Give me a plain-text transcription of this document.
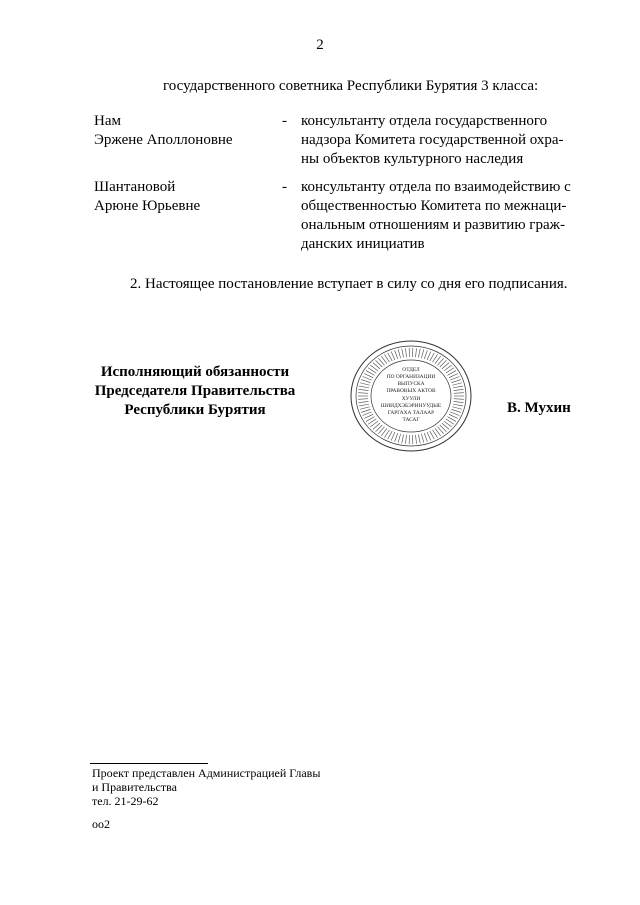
2
государственного советника Республики Бурятия 3 класса:
Нам
Эржене Аполлоновне
- консультанту отдела государственного
надзора Комитета государственной охра-
ны объектов культурного наследия
Шантановой
Арюне Юрьевне
- консультанту отдела по взаимодействию с
общественностью Комитета по межнаци-
ональным отношениям и развитию граж-
данских инициатив
2. Настоящее постановление вступает в силу со дня его подписания.
Исполняющий обязанности
Председателя Правительства
Республики Бурятия
ОТДЕЛ
ПО ОРГАНИЗАЦИИ
ВЫПУСКА
ПРАВОВЫХ АКТОВ
ХУУЛИ
ШИИДХЭБЭРИНУУДЫЕ
ГАРГАХА ТАЛААР
ТАСАГ
В. Мухин
Проект представлен Администрацией Главы
и Правительства
тел. 21-29-62
оо2
